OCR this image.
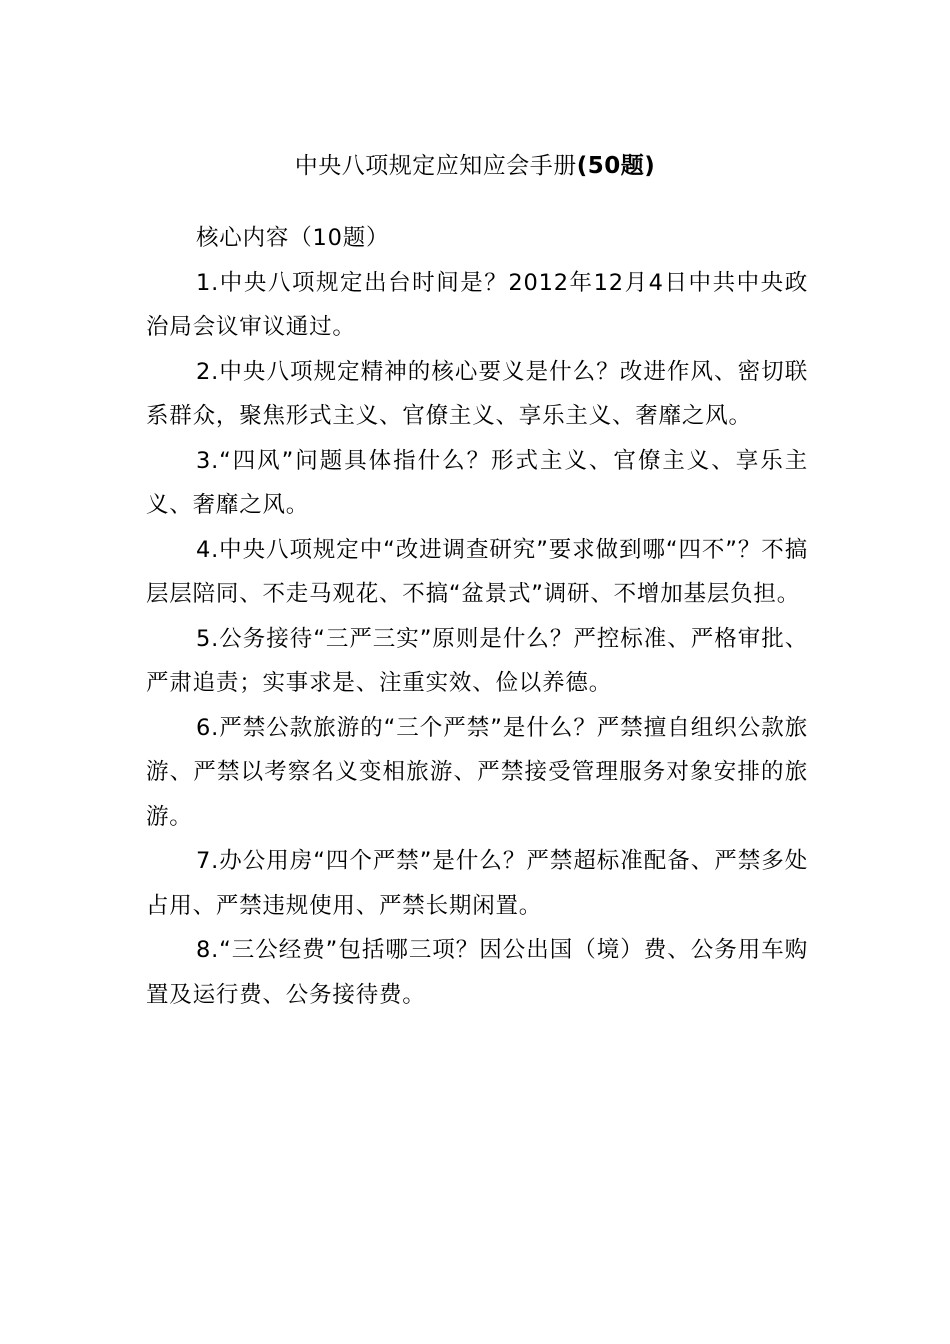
中央八项规定应知应会手册(50题)

核心内容（10题）

1.中央八项规定出台时间是？2012年12月4日中共中央政治局会议审议通过。

2.中央八项规定精神的核心要义是什么？改进作风、密切联系群众，聚焦形式主义、官僚主义、享乐主义、奢靡之风。

3.“四风”问题具体指什么？形式主义、官僚主义、享乐主义、奢靡之风。

4.中央八项规定中“改进调查研究”要求做到哪“四不”？不搞层层陪同、不走马观花、不搞“盆景式”调研、不增加基层负担。

5.公务接待“三严三实”原则是什么？严控标准、严格审批、严肃追责；实事求是、注重实效、俭以养德。

6.严禁公款旅游的“三个严禁”是什么？严禁擅自组织公款旅游、严禁以考察名义变相旅游、严禁接受管理服务对象安排的旅游。

7.办公用房“四个严禁”是什么？严禁超标准配备、严禁多处占用、严禁违规使用、严禁长期闲置。

8.“三公经费”包括哪三项？因公出国（境）费、公务用车购置及运行费、公务接待费。
